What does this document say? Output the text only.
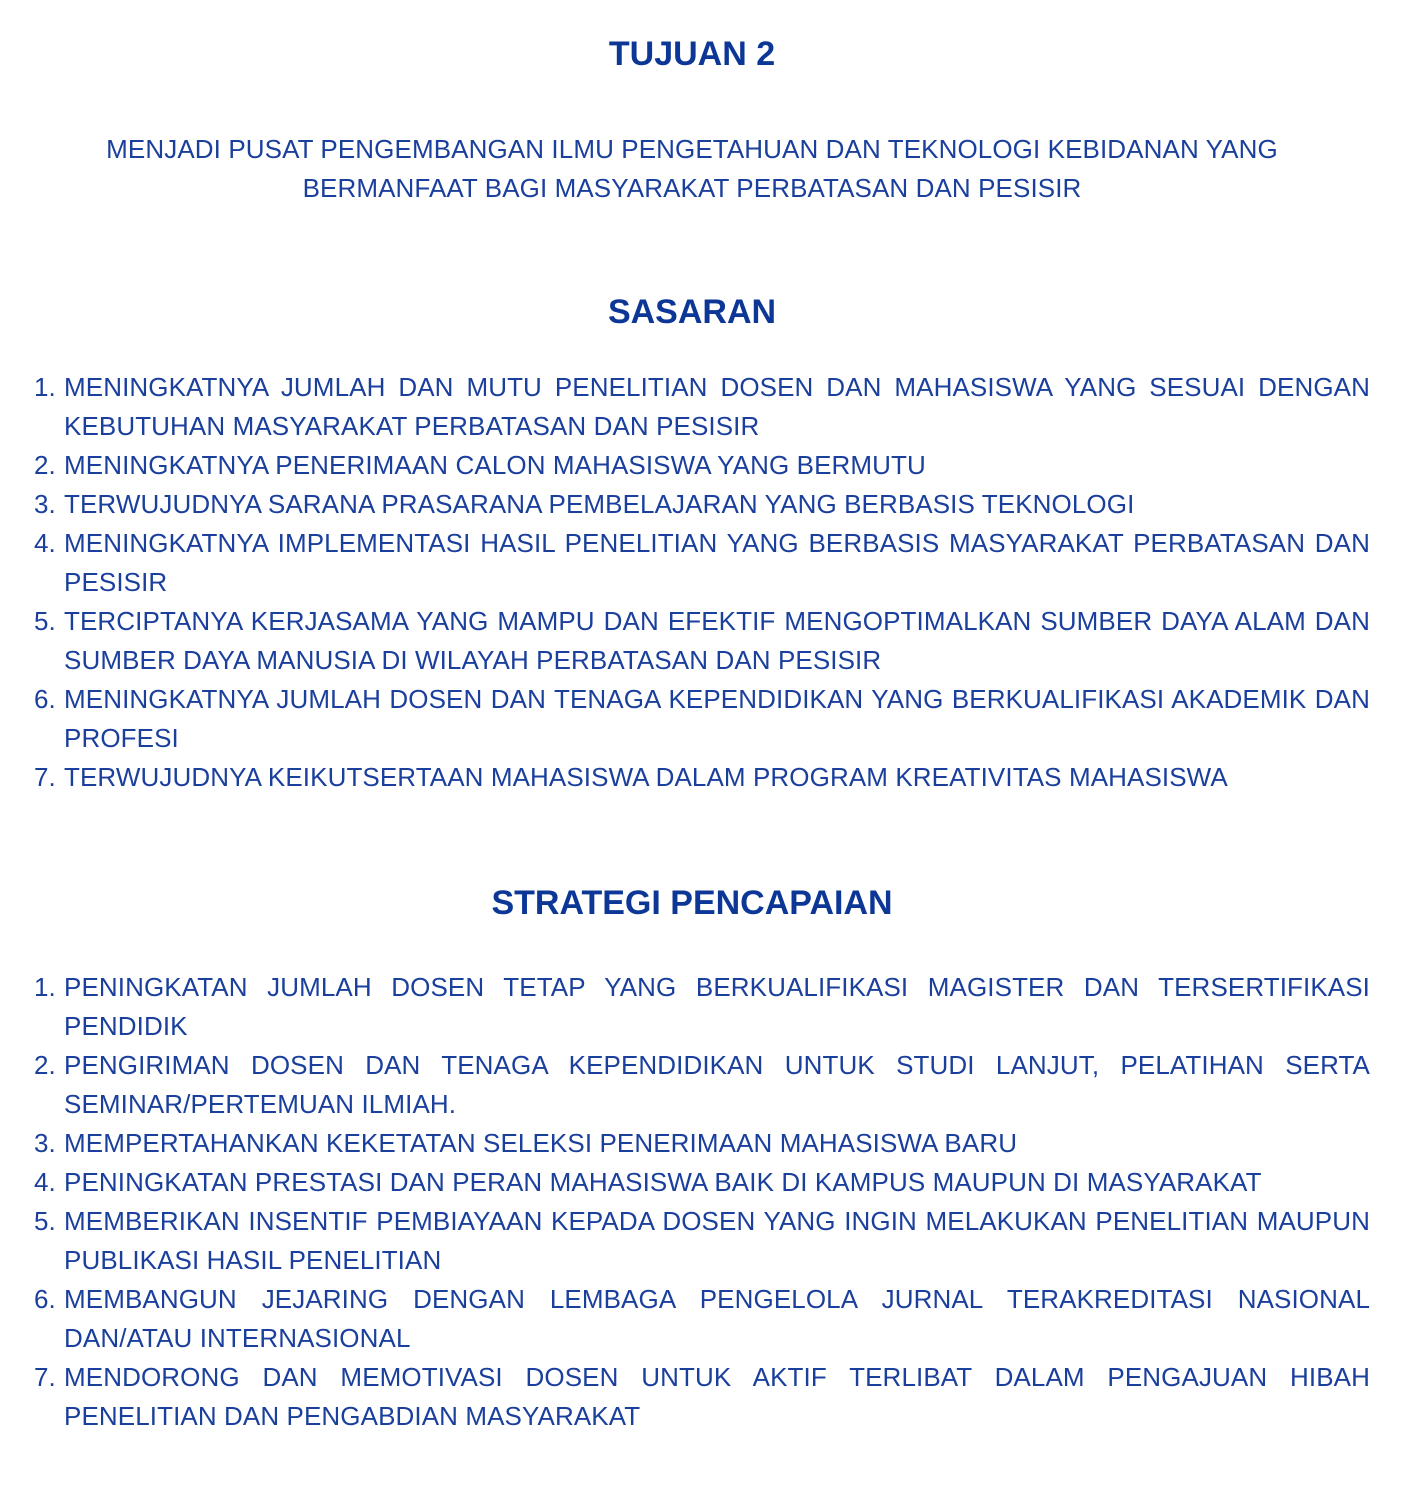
TUJUAN 2

MENJADI PUSAT PENGEMBANGAN ILMU PENGETAHUAN DAN TEKNOLOGI KEBIDANAN YANG BERMANFAAT BAGI MASYARAKAT PERBATASAN DAN PESISIR

SASARAN
1. MENINGKATNYA JUMLAH DAN MUTU PENELITIAN DOSEN DAN MAHASISWA YANG SESUAI DENGAN KEBUTUHAN MASYARAKAT PERBATASAN DAN PESISIR
2. MENINGKATNYA PENERIMAAN CALON MAHASISWA YANG BERMUTU
3. TERWUJUDNYA SARANA PRASARANA PEMBELAJARAN YANG BERBASIS TEKNOLOGI
4. MENINGKATNYA IMPLEMENTASI HASIL PENELITIAN YANG BERBASIS MASYARAKAT PERBATASAN DAN PESISIR
5. TERCIPTANYA KERJASAMA YANG MAMPU DAN EFEKTIF MENGOPTIMALKAN SUMBER DAYA ALAM DAN SUMBER DAYA MANUSIA DI WILAYAH PERBATASAN DAN PESISIR
6. MENINGKATNYA JUMLAH DOSEN DAN TENAGA KEPENDIDIKAN YANG BERKUALIFIKASI AKADEMIK DAN PROFESI
7. TERWUJUDNYA KEIKUTSERTAAN MAHASISWA DALAM PROGRAM KREATIVITAS MAHASISWA
STRATEGI PENCAPAIAN
1. PENINGKATAN JUMLAH DOSEN TETAP YANG BERKUALIFIKASI MAGISTER DAN TERSERTIFIKASI PENDIDIK
2. PENGIRIMAN DOSEN DAN TENAGA KEPENDIDIKAN UNTUK STUDI LANJUT, PELATIHAN SERTA SEMINAR/PERTEMUAN ILMIAH.
3. MEMPERTAHANKAN KEKETATAN SELEKSI PENERIMAAN MAHASISWA BARU
4. PENINGKATAN PRESTASI DAN PERAN MAHASISWA BAIK DI KAMPUS MAUPUN DI MASYARAKAT
5. MEMBERIKAN INSENTIF PEMBIAYAAN KEPADA DOSEN YANG INGIN MELAKUKAN PENELITIAN MAUPUN PUBLIKASI HASIL PENELITIAN
6. MEMBANGUN JEJARING DENGAN LEMBAGA PENGELOLA JURNAL TERAKREDITASI NASIONAL DAN/ATAU INTERNASIONAL
7. MENDORONG DAN MEMOTIVASI DOSEN UNTUK AKTIF TERLIBAT DALAM PENGAJUAN HIBAH PENELITIAN DAN PENGABDIAN MASYARAKAT
